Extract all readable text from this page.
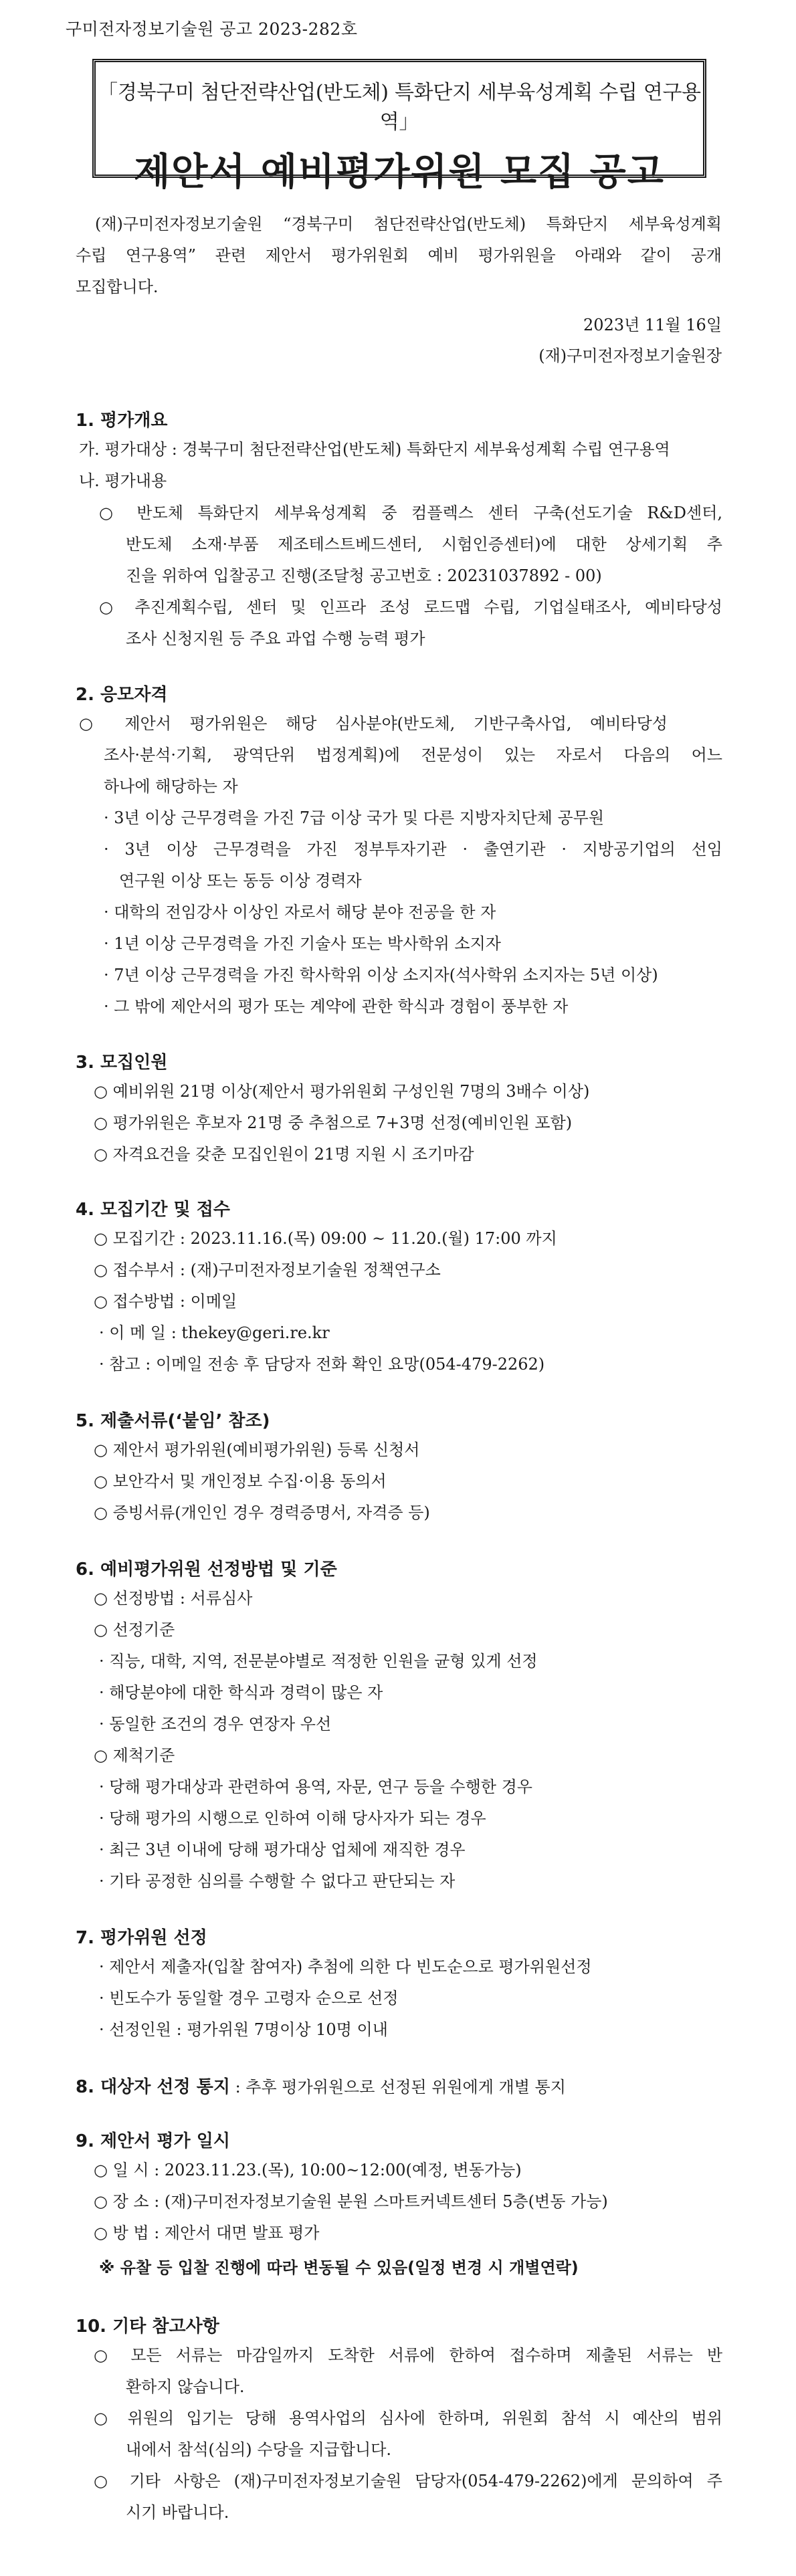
구미전자정보기술원 공고 2023-282호
「경북구미 첨단전략산업(반도체) 특화단지 세부육성계획 수립 연구용역」
제안서 예비평가위원 모집 공고
(재)구미전자정보기술원 “경북구미 첨단전략산업(반도체) 특화단지 세부육성계획
수립 연구용역” 관련 제안서 평가위원회 예비 평가위원을 아래와 같이 공개
모집합니다.
2023년 11월 16일
(재)구미전자정보기술원장
1. 평가개요
가. 평가대상 : 경북구미 첨단전략산업(반도체) 특화단지 세부육성계획 수립 연구용역
나. 평가내용
○ 반도체 특화단지 세부육성계획 중 컴플렉스 센터 구축(선도기술 R&D센터,
반도체 소재·부품 제조테스트베드센터, 시험인증센터)에 대한 상세기획 추
진을 위하여 입찰공고 진행(조달청 공고번호 : 20231037892 - 00)
○ 추진계획수립, 센터 및 인프라 조성 로드맵 수립, 기업실태조사, 예비타당성
조사 신청지원 등 주요 과업 수행 능력 평가
2. 응모자격
○ 제안서 평가위원은 해당 심사분야(반도체, 기반구축사업, 예비타당성
조사·분석·기획, 광역단위 법정계획)에 전문성이 있는 자로서 다음의 어느
하나에 해당하는 자
· 3년 이상 근무경력을 가진 7급 이상 국가 및 다른 지방자치단체 공무원
· 3년 이상 근무경력을 가진 정부투자기관 · 출연기관 · 지방공기업의 선임
연구원 이상 또는 동등 이상 경력자
· 대학의 전임강사 이상인 자로서 해당 분야 전공을 한 자
· 1년 이상 근무경력을 가진 기술사 또는 박사학위 소지자
· 7년 이상 근무경력을 가진 학사학위 이상 소지자(석사학위 소지자는 5년 이상)
· 그 밖에 제안서의 평가 또는 계약에 관한 학식과 경험이 풍부한 자
3. 모집인원
○ 예비위원 21명 이상(제안서 평가위원회 구성인원 7명의 3배수 이상)
○ 평가위원은 후보자 21명 중 추첨으로 7+3명 선정(예비인원 포함)
○ 자격요건을 갖춘 모집인원이 21명 지원 시 조기마감
4. 모집기간 및 접수
○ 모집기간 : 2023.11.16.(목) 09:00 ~ 11.20.(월) 17:00 까지
○ 접수부서 : (재)구미전자정보기술원 정책연구소
○ 접수방법 : 이메일
· 이 메 일 : thekey@geri.re.kr
· 참고 : 이메일 전송 후 담당자 전화 확인 요망(054-479-2262)
5. 제출서류(‘붙임’ 참조)
○ 제안서 평가위원(예비평가위원) 등록 신청서
○ 보안각서 및 개인정보 수집·이용 동의서
○ 증빙서류(개인인 경우 경력증명서, 자격증 등)
6. 예비평가위원 선정방법 및 기준
○ 선정방법 : 서류심사
○ 선정기준
· 직능, 대학, 지역, 전문분야별로 적정한 인원을 균형 있게 선정
· 해당분야에 대한 학식과 경력이 많은 자
· 동일한 조건의 경우 연장자 우선
○ 제척기준
· 당해 평가대상과 관련하여 용역, 자문, 연구 등을 수행한 경우
· 당해 평가의 시행으로 인하여 이해 당사자가 되는 경우
· 최근 3년 이내에 당해 평가대상 업체에 재직한 경우
· 기타 공정한 심의를 수행할 수 없다고 판단되는 자
7. 평가위원 선정
· 제안서 제출자(입찰 참여자) 추첨에 의한 다 빈도순으로 평가위원선정
· 빈도수가 동일할 경우 고령자 순으로 선정
· 선정인원 : 평가위원 7명이상 10명 이내
8. 대상자 선정 통지 : 추후 평가위원으로 선정된 위원에게 개별 통지
9. 제안서 평가 일시
○ 일 시 : 2023.11.23.(목), 10:00~12:00(예정, 변동가능)
○ 장 소 : (재)구미전자정보기술원 분원 스마트커넥트센터 5층(변동 가능)
○ 방 법 : 제안서 대면 발표 평가
※ 유찰 등 입찰 진행에 따라 변동될 수 있음(일정 변경 시 개별연락)
10. 기타 참고사항
○ 모든 서류는 마감일까지 도착한 서류에 한하여 접수하며 제출된 서류는 반
환하지 않습니다.
○ 위원의 입기는 당해 용역사업의 심사에 한하며, 위원회 참석 시 예산의 범위
내에서 참석(심의) 수당을 지급합니다.
○ 기타 사항은 (재)구미전자정보기술원 담당자(054-479-2262)에게 문의하여 주
시기 바랍니다.
